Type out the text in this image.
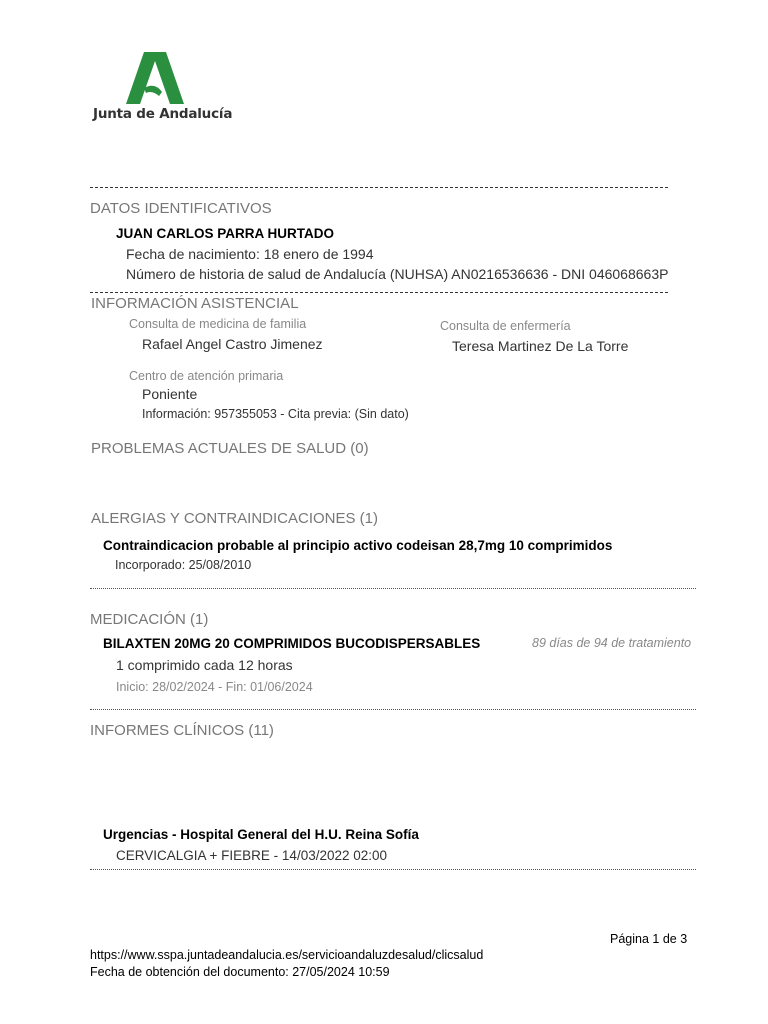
Junta de Andalucía
DATOS IDENTIFICATIVOS
JUAN CARLOS PARRA HURTADO
Fecha de nacimiento: 18 enero de 1994
Número de historia de salud de Andalucía (NUHSA) AN0216536636 - DNI 046068663P
INFORMACIÓN ASISTENCIAL
Consulta de medicina de familia
Rafael Angel Castro Jimenez
Consulta de enfermería
Teresa Martinez De La Torre
Centro de atención primaria
Poniente
Información: 957355053 - Cita previa: (Sin dato)
PROBLEMAS ACTUALES DE SALUD (0)
ALERGIAS Y CONTRAINDICACIONES (1)
Contraindicacion probable al principio activo codeisan 28,7mg 10 comprimidos
Incorporado: 25/08/2010
MEDICACIÓN (1)
BILAXTEN 20MG 20 COMPRIMIDOS BUCODISPERSABLES	89 días de 94 de tratamiento
1 comprimido cada 12 horas
Inicio: 28/02/2024 - Fin: 01/06/2024
INFORMES CLÍNICOS (11)
Urgencias - Hospital General del H.U. Reina Sofía
CERVICALGIA + FIEBRE - 14/03/2022 02:00
Página 1 de 3
https://www.sspa.juntadeandalucia.es/servicioandaluzdesalud/clicsalud
Fecha de obtención del documento: 27/05/2024 10:59
